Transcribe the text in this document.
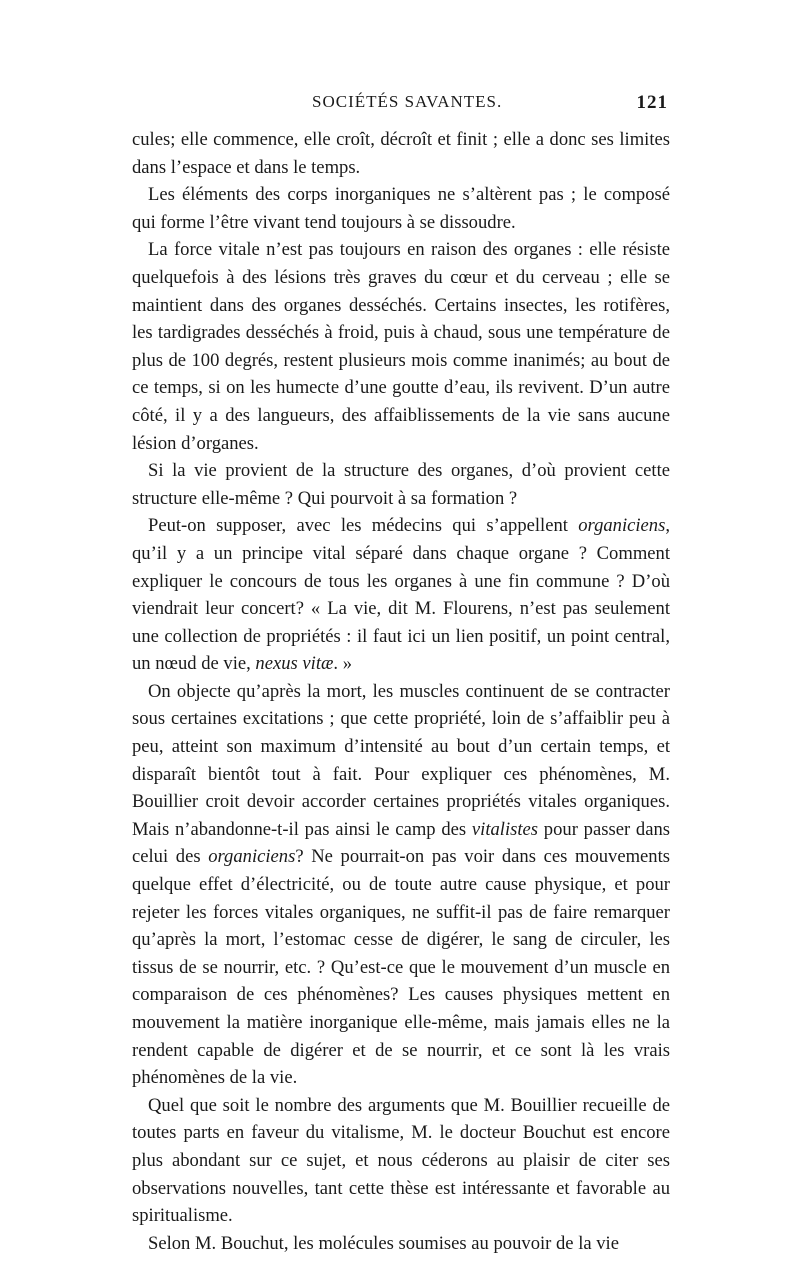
SOCIÉTÉS SAVANTES.	121

cules; elle commence, elle croît, décroît et finit ; elle a donc ses limites dans l’espace et dans le temps.

Les éléments des corps inorganiques ne s’altèrent pas ; le composé qui forme l’être vivant tend toujours à se dissoudre.

La force vitale n’est pas toujours en raison des organes : elle résiste quelquefois à des lésions très graves du cœur et du cerveau ; elle se maintient dans des organes desséchés. Certains insectes, les rotifères, les tardigrades desséchés à froid, puis à chaud, sous une température de plus de 100 degrés, restent plusieurs mois comme inanimés; au bout de ce temps, si on les humecte d’une goutte d’eau, ils revivent. D’un autre côté, il y a des langueurs, des affaiblissements de la vie sans aucune lésion d’organes.

Si la vie provient de la structure des organes, d’où provient cette structure elle-même ? Qui pourvoit à sa formation ?

Peut-on supposer, avec les médecins qui s’appellent organiciens, qu’il y a un principe vital séparé dans chaque organe ? Comment expliquer le concours de tous les organes à une fin commune ? D’où viendrait leur concert? « La vie, dit M. Flourens, n’est pas seulement une collection de propriétés : il faut ici un lien positif, un point central, un nœud de vie, nexus vitæ. »

On objecte qu’après la mort, les muscles continuent de se contracter sous certaines excitations ; que cette propriété, loin de s’affaiblir peu à peu, atteint son maximum d’intensité au bout d’un certain temps, et disparaît bientôt tout à fait. Pour expliquer ces phénomènes, M. Bouillier croit devoir accorder certaines propriétés vitales organiques. Mais n’abandonne-t-il pas ainsi le camp des vitalistes pour passer dans celui des organiciens? Ne pourrait-on pas voir dans ces mouvements quelque effet d’électricité, ou de toute autre cause physique, et pour rejeter les forces vitales organiques, ne suffit-il pas de faire remarquer qu’après la mort, l’estomac cesse de digérer, le sang de circuler, les tissus de se nourrir, etc. ? Qu’est-ce que le mouvement d’un muscle en comparaison de ces phénomènes? Les causes physiques mettent en mouvement la matière inorganique elle-même, mais jamais elles ne la rendent capable de digérer et de se nourrir, et ce sont là les vrais phénomènes de la vie.

Quel que soit le nombre des arguments que M. Bouillier recueille de toutes parts en faveur du vitalisme, M. le docteur Bouchut est encore plus abondant sur ce sujet, et nous céderons au plaisir de citer ses observations nouvelles, tant cette thèse est intéressante et favorable au spiritualisme.

Selon M. Bouchut, les molécules soumises au pouvoir de la vie
